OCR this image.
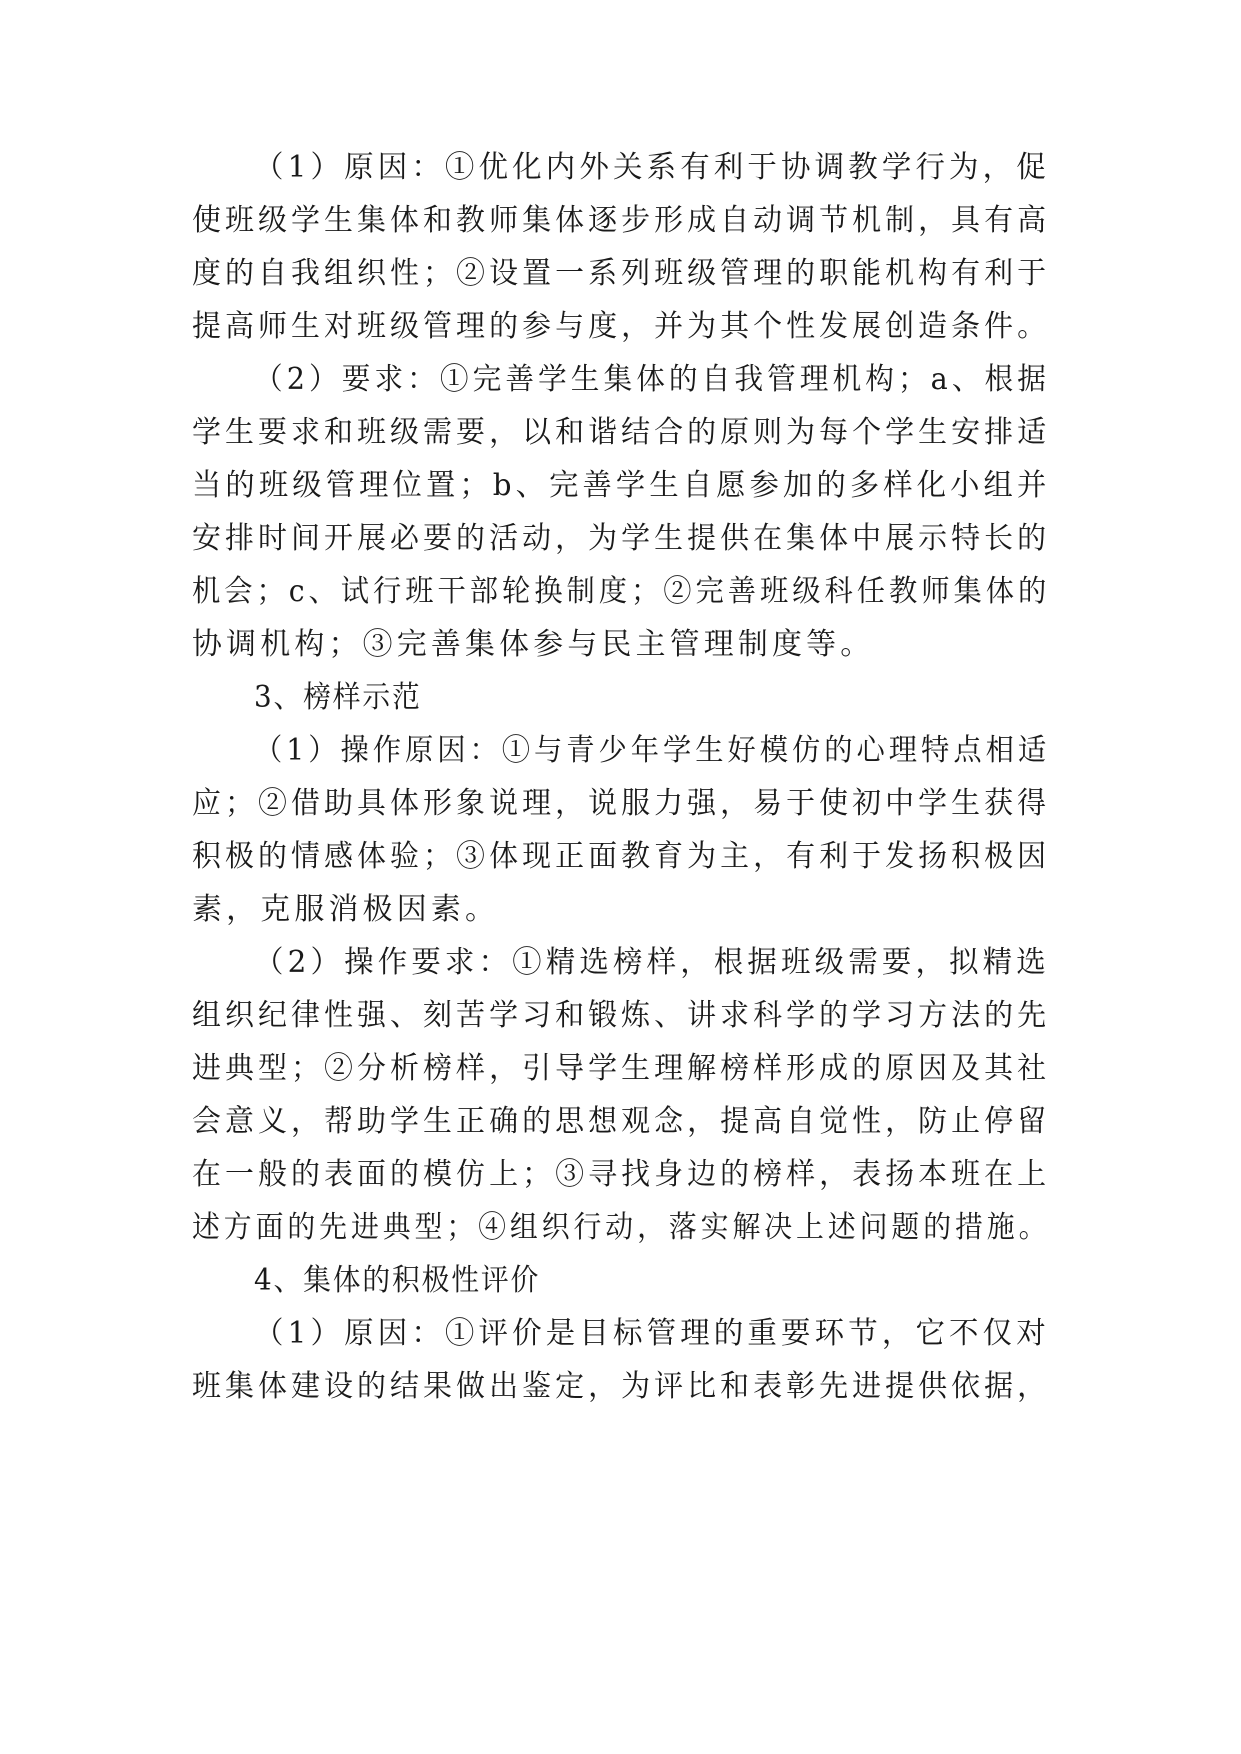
（1）原因：①优化内外关系有利于协调教学行为，促
使班级学生集体和教师集体逐步形成自动调节机制，具有高
度的自我组织性；②设置一系列班级管理的职能机构有利于
提高师生对班级管理的参与度，并为其个性发展创造条件。
（2）要求：①完善学生集体的自我管理机构；a、根据
学生要求和班级需要，以和谐结合的原则为每个学生安排适
当的班级管理位置；b、完善学生自愿参加的多样化小组并
安排时间开展必要的活动，为学生提供在集体中展示特长的
机会；c、试行班干部轮换制度；②完善班级科任教师集体的
协调机构；③完善集体参与民主管理制度等。
3、榜样示范
（1）操作原因：①与青少年学生好模仿的心理特点相适
应；②借助具体形象说理，说服力强，易于使初中学生获得
积极的情感体验；③体现正面教育为主，有利于发扬积极因
素，克服消极因素。
（2）操作要求：①精选榜样，根据班级需要，拟精选
组织纪律性强、刻苦学习和锻炼、讲求科学的学习方法的先
进典型；②分析榜样，引导学生理解榜样形成的原因及其社
会意义，帮助学生正确的思想观念，提高自觉性，防止停留
在一般的表面的模仿上；③寻找身边的榜样，表扬本班在上
述方面的先进典型；④组织行动，落实解决上述问题的措施。
4、集体的积极性评价
（1）原因：①评价是目标管理的重要环节，它不仅对
班集体建设的结果做出鉴定，为评比和表彰先进提供依据，
